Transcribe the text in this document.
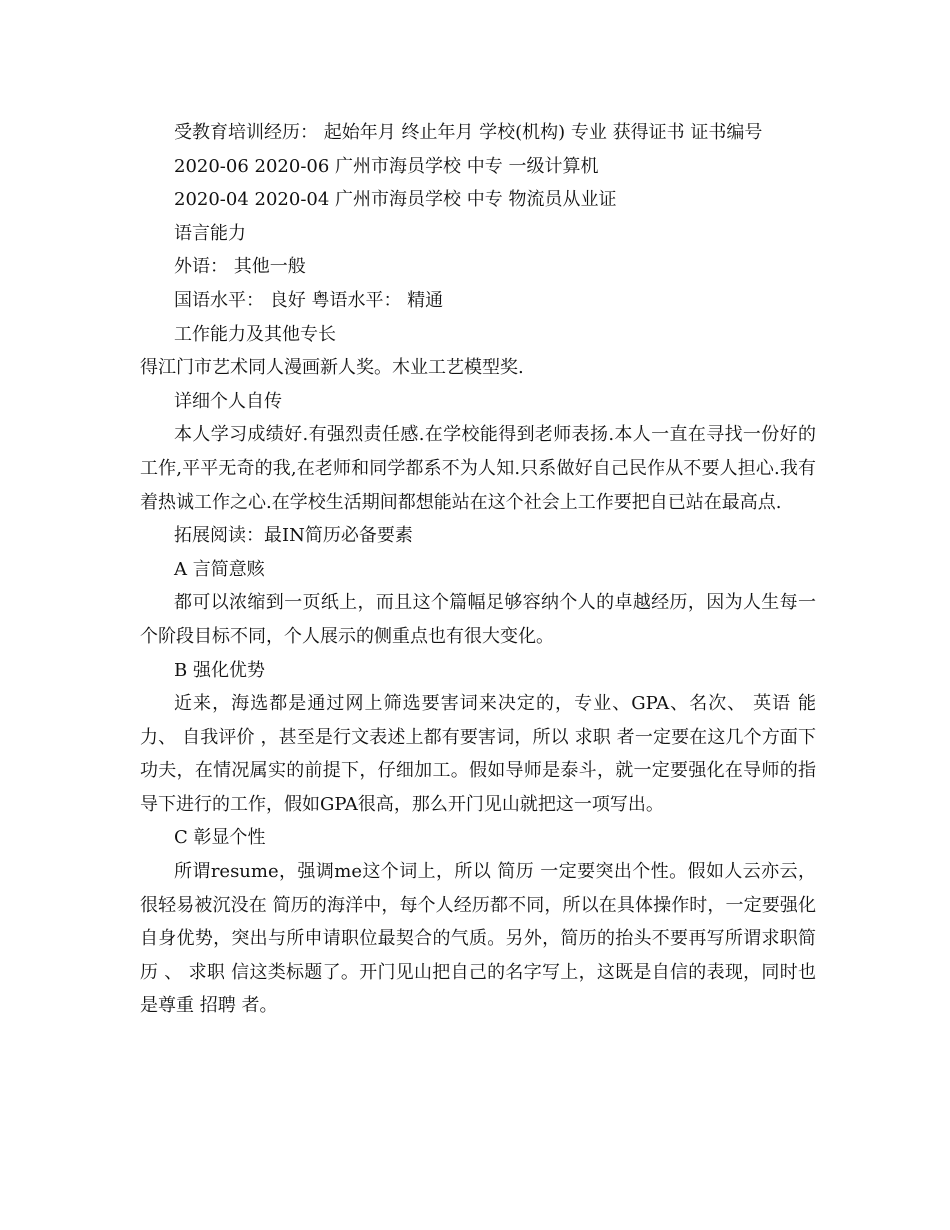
受教育培训经历： 起始年月 终止年月 学校(机构) 专业 获得证书 证书编号
2020-06 2020-06 广州市海员学校 中专 一级计算机
2020-04 2020-04 广州市海员学校 中专 物流员从业证
语言能力
外语： 其他一般
国语水平： 良好 粤语水平： 精通
工作能力及其他专长
得江门市艺术同人漫画新人奖。木业工艺模型奖.
详细个人自传

本人学习成绩好.有强烈责任感.在学校能得到老师表扬.本人一直在寻找一份好的工作,平平无奇的我,在老师和同学都系不为人知.只系做好自己民作从不要人担心.我有着热诚工作之心.在学校生活期间都想能站在这个社会上工作要把自已站在最高点.

拓展阅读：最IN简历必备要素
A 言简意赅

都可以浓缩到一页纸上，而且这个篇幅足够容纳个人的卓越经历，因为人生每一个阶段目标不同，个人展示的侧重点也有很大变化。

B 强化优势

近来，海选都是通过网上筛选要害词来决定的，专业、GPA、名次、 英语 能力、 自我评价 ，甚至是行文表述上都有要害词，所以 求职 者一定要在这几个方面下功夫，在情况属实的前提下，仔细加工。假如导师是泰斗，就一定要强化在导师的指导下进行的工作，假如GPA很高，那么开门见山就把这一项写出。

C 彰显个性

所谓resume，强调me这个词上，所以 简历 一定要突出个性。假如人云亦云，很轻易被沉没在 简历的海洋中，每个人经历都不同，所以在具体操作时，一定要强化自身优势，突出与所申请职位最契合的气质。另外，简历的抬头不要再写所谓求职简历 、 求职 信这类标题了。开门见山把自己的名字写上，这既是自信的表现，同时也是尊重 招聘 者。
